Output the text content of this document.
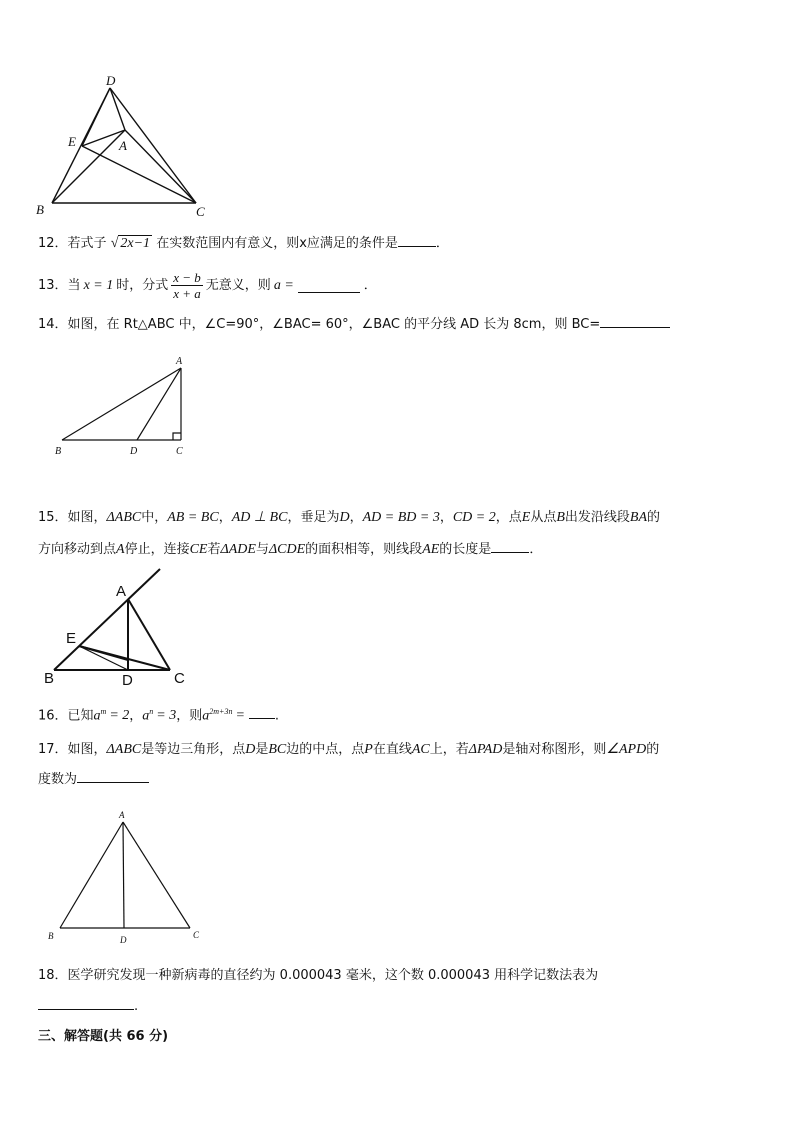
D
E	A
B	C
12．若式子 √ 2x−1 在实数范围内有意义，则x应满足的条件是	．
13． 当 x = 1 时，分式 $\frac{x - b}{x + a}$ 无意义，则 a =	．
14．如图，在 Rt△ABC 中，∠C=90°，∠BAC= 60°，∠BAC 的平分线 AD 长为 8cm，则 BC=
A
B	D	C
15．如图，ΔABC中，AB = BC，AD ⊥ BC，垂足为D，AD = BD = 3，CD = 2，点E从点B出发沿线段BA的
方向移动到点A停止，连接CE若ΔADE与ΔCDE的面积相等，则线段AE的长度是	．
A
E
B	D	C
16．已知$a^m = 2$，$a^n = 3$，则$a^{2m+3n}$ = .
17．如图，ΔABC是等边三角形，点D是BC边的中点，点P在直线AC上，若ΔPAD是轴对称图形，则∠APD的
度数为
A
B	D	C
18．医学研究发现一种新病毒的直径约为 0.000043 毫米，这个数 0.000043 用科学记数法表为
.
三、解答题(共 66 分)
